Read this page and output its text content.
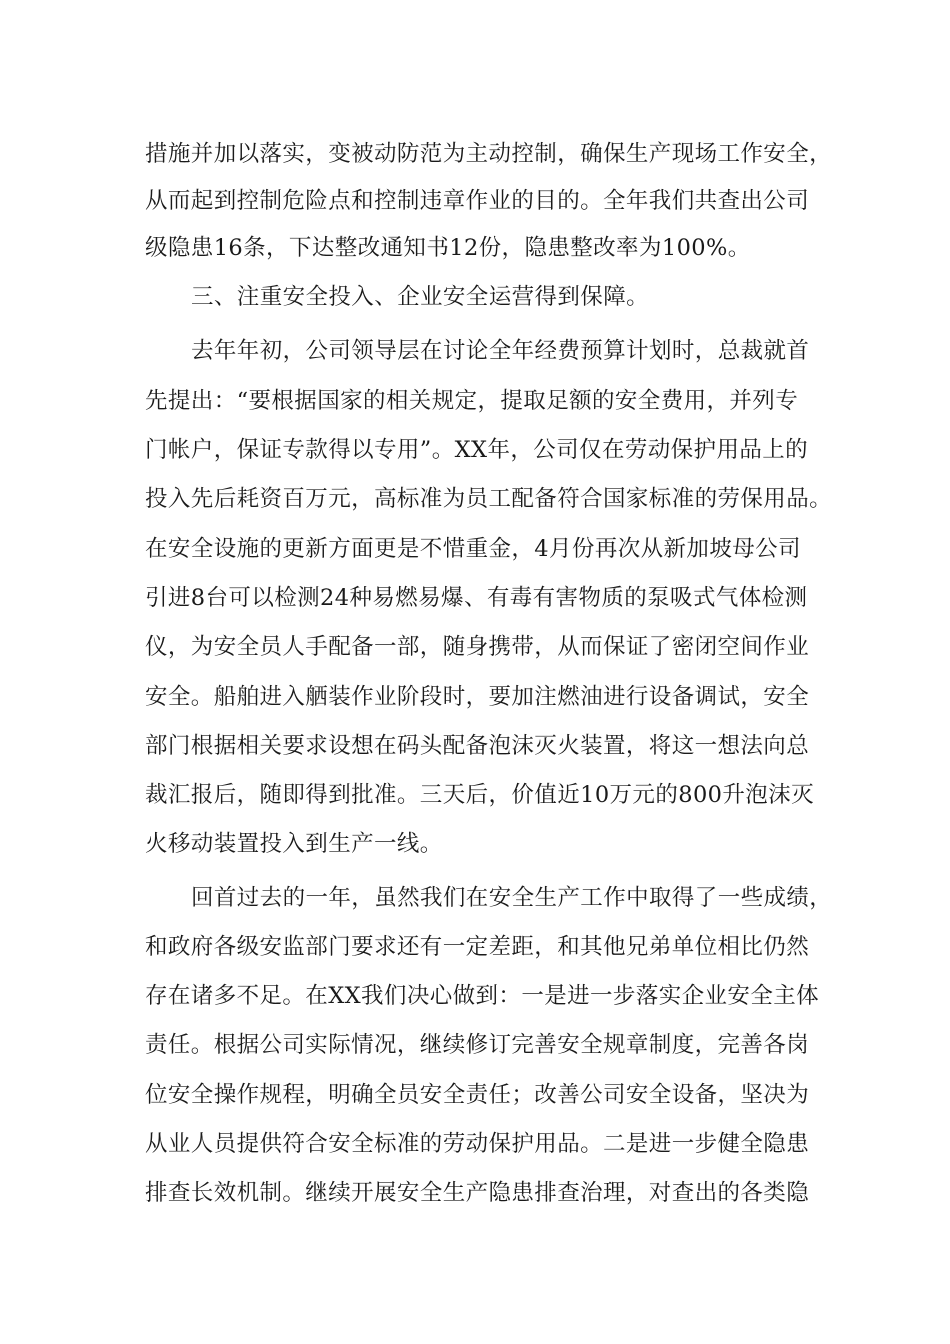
措施并加以落实，变被动防范为主动控制，确保生产现场工作安全，
从而起到控制危险点和控制违章作业的目的。全年我们共查出公司
级隐患16条，下达整改通知书12份，隐患整改率为100%。
三、注重安全投入、企业安全运营得到保障。
去年年初，公司领导层在讨论全年经费预算计划时，总裁就首
先提出：“要根据国家的相关规定，提取足额的安全费用，并列专
门帐户，保证专款得以专用”。XX年，公司仅在劳动保护用品上的
投入先后耗资百万元，高标准为员工配备符合国家标准的劳保用品。
在安全设施的更新方面更是不惜重金，4月份再次从新加坡母公司
引进8台可以检测24种易燃易爆、有毒有害物质的泵吸式气体检测
仪，为安全员人手配备一部，随身携带，从而保证了密闭空间作业
安全。船舶进入舾装作业阶段时，要加注燃油进行设备调试，安全
部门根据相关要求设想在码头配备泡沫灭火装置，将这一想法向总
裁汇报后，随即得到批准。三天后，价值近10万元的800升泡沫灭
火移动装置投入到生产一线。
回首过去的一年，虽然我们在安全生产工作中取得了一些成绩，
和政府各级安监部门要求还有一定差距，和其他兄弟单位相比仍然
存在诸多不足。在XX我们决心做到：一是进一步落实企业安全主体
责任。根据公司实际情况，继续修订完善安全规章制度，完善各岗
位安全操作规程，明确全员安全责任；改善公司安全设备，坚决为
从业人员提供符合安全标准的劳动保护用品。二是进一步健全隐患
排查长效机制。继续开展安全生产隐患排查治理，对查出的各类隐
